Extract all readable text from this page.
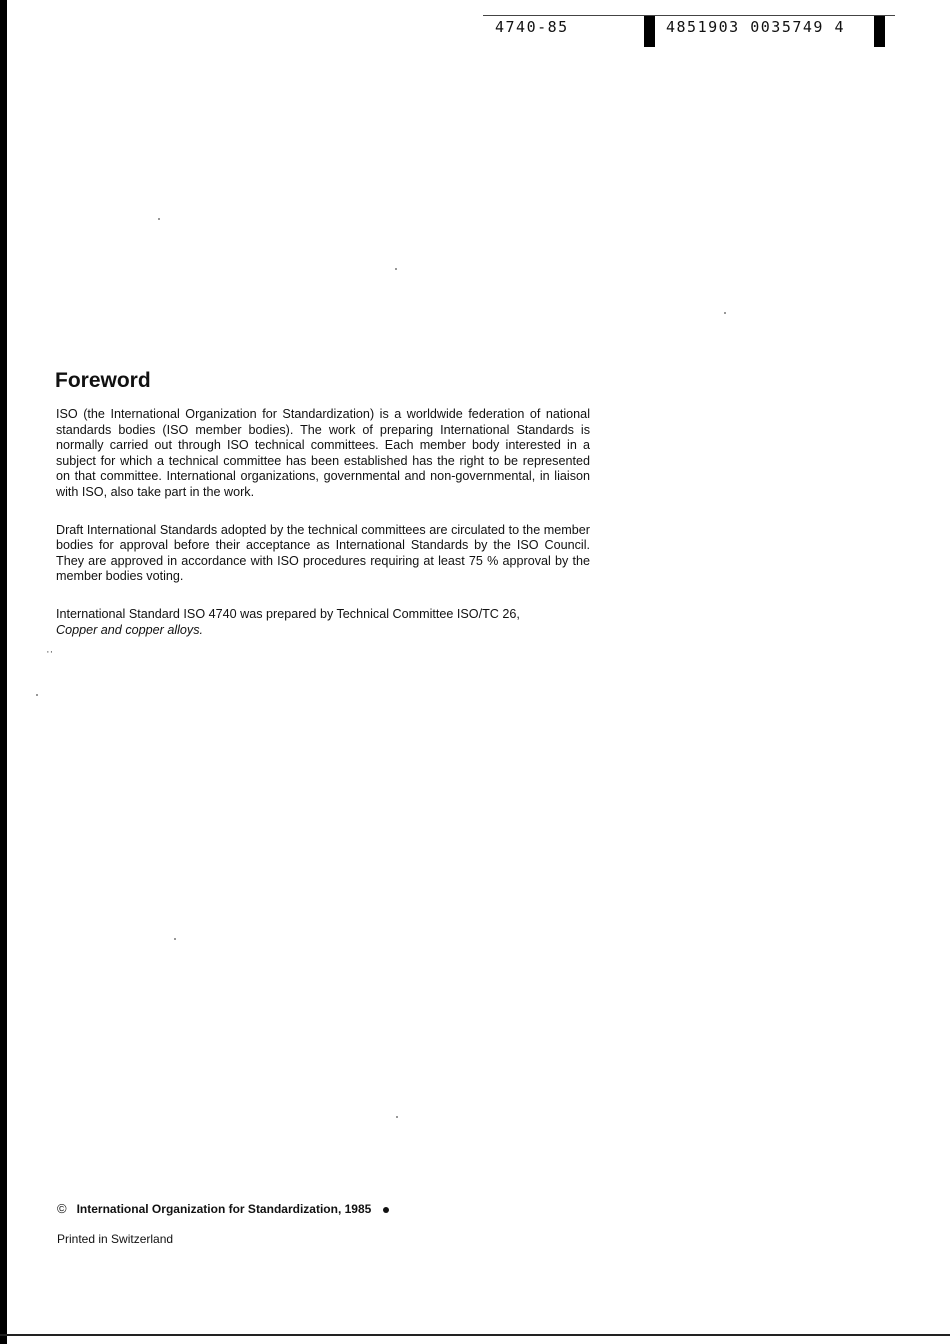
4740-85	4851903 0035749 4
Foreword

ISO (the International Organization for Standardization) is a worldwide federation of national standards bodies (ISO member bodies). The work of preparing International Standards is normally carried out through ISO technical committees. Each member body interested in a subject for which a technical committee has been established has the right to be represented on that committee. International organizations, governmental and non-governmental, in liaison with ISO, also take part in the work.

Draft International Standards adopted by the technical committees are circulated to the member bodies for approval before their acceptance as International Standards by the ISO Council. They are approved in accordance with ISO procedures requiring at least 75 % approval by the member bodies voting.

International Standard ISO 4740 was prepared by Technical Committee ISO/TC 26,
Copper and copper alloys.

··
© International Organization for Standardization, 1985
Printed in Switzerland
